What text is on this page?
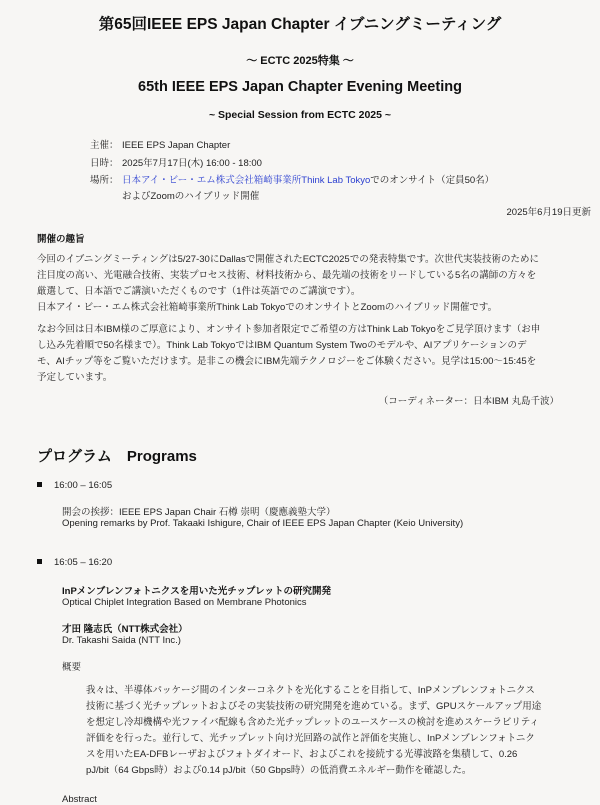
第65回IEEE EPS Japan Chapter イブニングミーティング
〜 ECTC 2025特集 〜
65th IEEE EPS Japan Chapter Evening Meeting
~ Special Session from ECTC 2025 ~
主催： IEEE EPS Japan Chapter
日時： 2025年7月17日(木) 16:00 - 18:00
場所： 日本アイ・ビー・エム株式会社箱崎事業所Think Lab Tokyoでのオンサイト（定員50名）
およびZoomのハイブリッド開催
2025年6月19日更新
開催の趣旨
今回のイブニングミーティングは5/27-30にDallasで開催されたECTC2025での発表特集です。次世代実装技術のために
注目度の高い、光電融合技術、実装プロセス技術、材料技術から、最先端の技術をリードしている5名の講師の方々を
厳選して、日本語でご講演いただくものです（1件は英語でのご講演です）。
日本アイ・ビー・エム株式会社箱崎事業所Think Lab TokyoでのオンサイトとZoomのハイブリッド開催です。
なお今回は日本IBM様のご厚意により、オンサイト参加者限定でご希望の方はThink Lab Tokyoをご見学頂けます（お申
し込み先着順で50名様まで）。Think Lab TokyoではIBM Quantum System Twoのモデルや、AIアプリケーションのデ
モ、AIチップ等をご覧いただけます。是非この機会にIBM先端テクノロジーをご体験ください。見学は15:00〜15:45を
予定しています。
（コーディネーター：日本IBM 丸島千波）
プログラム　Programs
16:00 – 16:05
開会の挨拶：IEEE EPS Japan Chair 石樽 崇明（慶應義塾大学）
Opening remarks by Prof. Takaaki Ishigure, Chair of IEEE EPS Japan Chapter (Keio University)
16:05 – 16:20
InPメンブレンフォトニクスを用いた光チップレットの研究開発
Optical Chiplet Integration Based on Membrane Photonics
才田 隆志氏（NTT株式会社）
Dr. Takashi Saida (NTT Inc.)
概要
我々は、半導体パッケージ間のインターコネクトを光化することを目指して、InPメンブレンフォトニクス
技術に基づく光チップレットおよびその実装技術の研究開発を進めている。まず、GPUスケールアップ用途
を想定し冷却機構や光ファイバ配線も含めた光チップレットのユースケースの検討を進めスケーラビリティ
評価をを行った。並行して、光チップレット向け光回路の試作と評価を実施し、InPメンブレンフォトニク
スを用いたEA-DFBレーザおよびフォトダイオード、およびこれを接続する光導波路を集積して、0.26
pJ/bit（64 Gbps時）および0.14 pJ/bit（50 Gbps時）の低消費エネルギー動作を確認した。
Abstract
